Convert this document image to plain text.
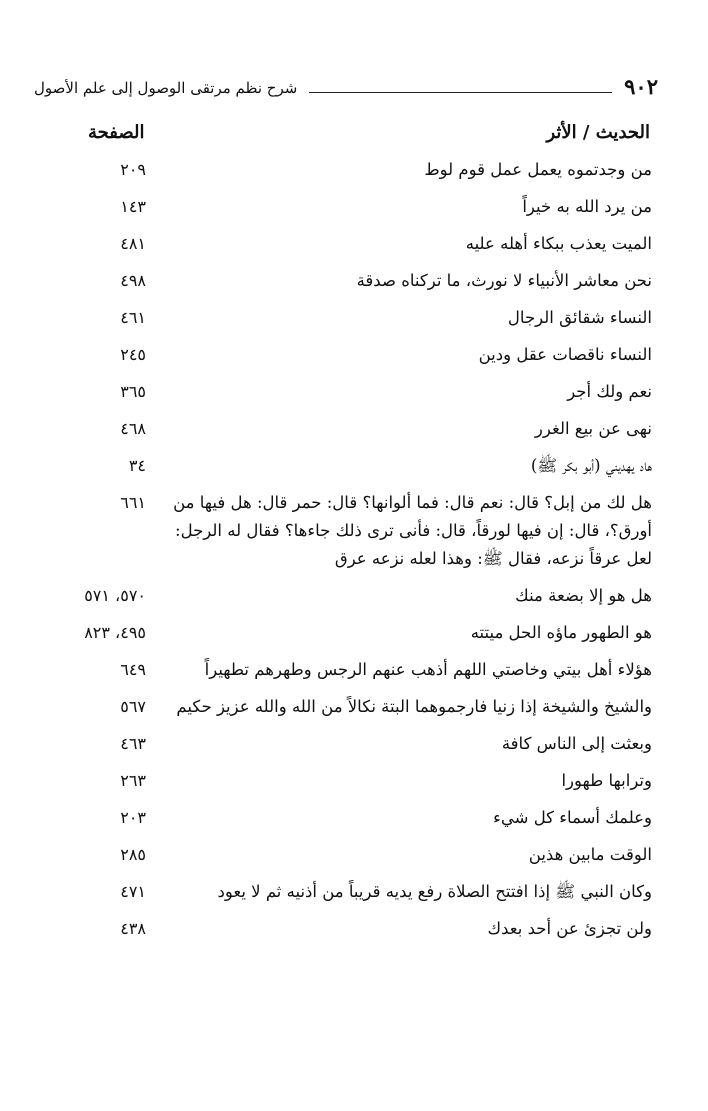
٩٠٢
شرح نظم مرتقى الوصول إلى علم الأصول
الحديث / الأثر
الصفحة
من وجدتموه يعمل عمل قوم لوط
٢٠٩
من يرد الله به خيراً
١٤٣
الميت يعذب ببكاء أهله عليه
٤٨١
نحن معاشر الأنبياء لا نورث، ما تركناه صدقة
٤٩٨
النساء شقائق الرجال
٤٦١
النساء ناقصات عقل ودين
٢٤٥
نعم ولك أجر
٣٦٥
نهى عن بيع الغرر
٤٦٨
هاد يهديني (أبو بكر ﷺ)
٣٤
هل لك من إبل؟ قال: نعم قال: فما ألوانها؟ قال: حمر قال: هل فيها من أورق؟، قال: إن فيها لورقاً، قال: فأنى ترى ذلك جاءها؟ فقال له الرجل: لعل عرقاً نزعه، فقال ﷺ: وهذا لعله نزعه عرق
٦٦١
هل هو إلا بضعة منك
٥٧٠، ٥٧١
هو الطهور ماؤه الحل ميتته
٤٩٥، ٨٢٣
هؤلاء أهل بيتي وخاصتي اللهم أذهب عنهم الرجس وطهرهم تطهيراً
٦٤٩
والشيخ والشيخة إذا زنيا فارجموهما البتة نكالاً من الله والله عزيز حكيم
٥٦٧
وبعثت إلى الناس كافة
٤٦٣
وترابها طهورا
٢٦٣
وعلمك أسماء كل شيء
٢٠٣
الوقت مابين هذين
٢٨٥
وكان النبي ﷺ إذا افتتح الصلاة رفع يديه قريباً من أذنيه ثم لا يعود
٤٧١
ولن تجزئ عن أحد بعدك
٤٣٨
